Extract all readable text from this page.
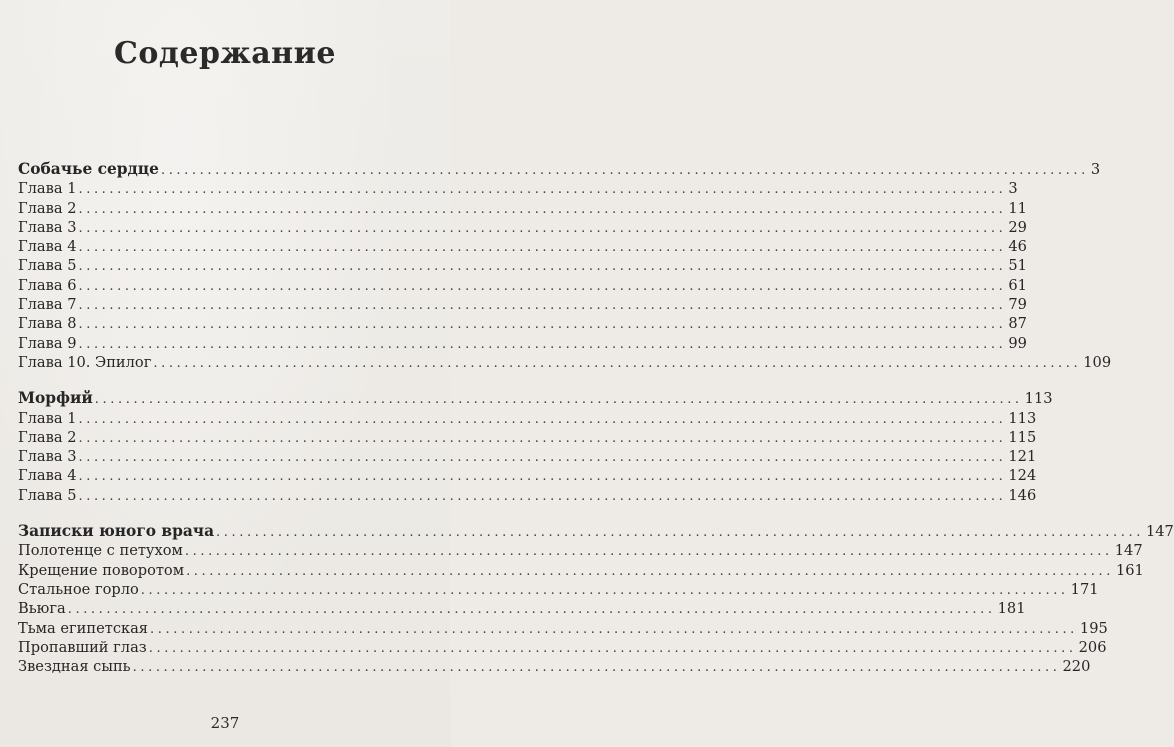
Содержание
Собачье сердце ........................................................................................................................ 3
Глава 1 ........................................................................................................................ 3
Глава 2 ........................................................................................................................ 11
Глава 3 ........................................................................................................................ 29
Глава 4 ........................................................................................................................ 46
Глава 5 ........................................................................................................................ 51
Глава 6 ........................................................................................................................ 61
Глава 7 ........................................................................................................................ 79
Глава 8 ........................................................................................................................ 87
Глава 9 ........................................................................................................................ 99
Глава 10. Эпилог ........................................................................................................................ 109
Морфий ........................................................................................................................ 113
Глава 1 ........................................................................................................................ 113
Глава 2 ........................................................................................................................ 115
Глава 3 ........................................................................................................................ 121
Глава 4 ........................................................................................................................ 124
Глава 5 ........................................................................................................................ 146
Записки юного врача ........................................................................................................................ 147
Полотенце с петухом ........................................................................................................................ 147
Крещение поворотом ........................................................................................................................ 161
Стальное горло ........................................................................................................................ 171
Вьюга ........................................................................................................................ 181
Тьма египетская ........................................................................................................................ 195
Пропавший глаз ........................................................................................................................ 206
Звездная сыпь ........................................................................................................................ 220
237
